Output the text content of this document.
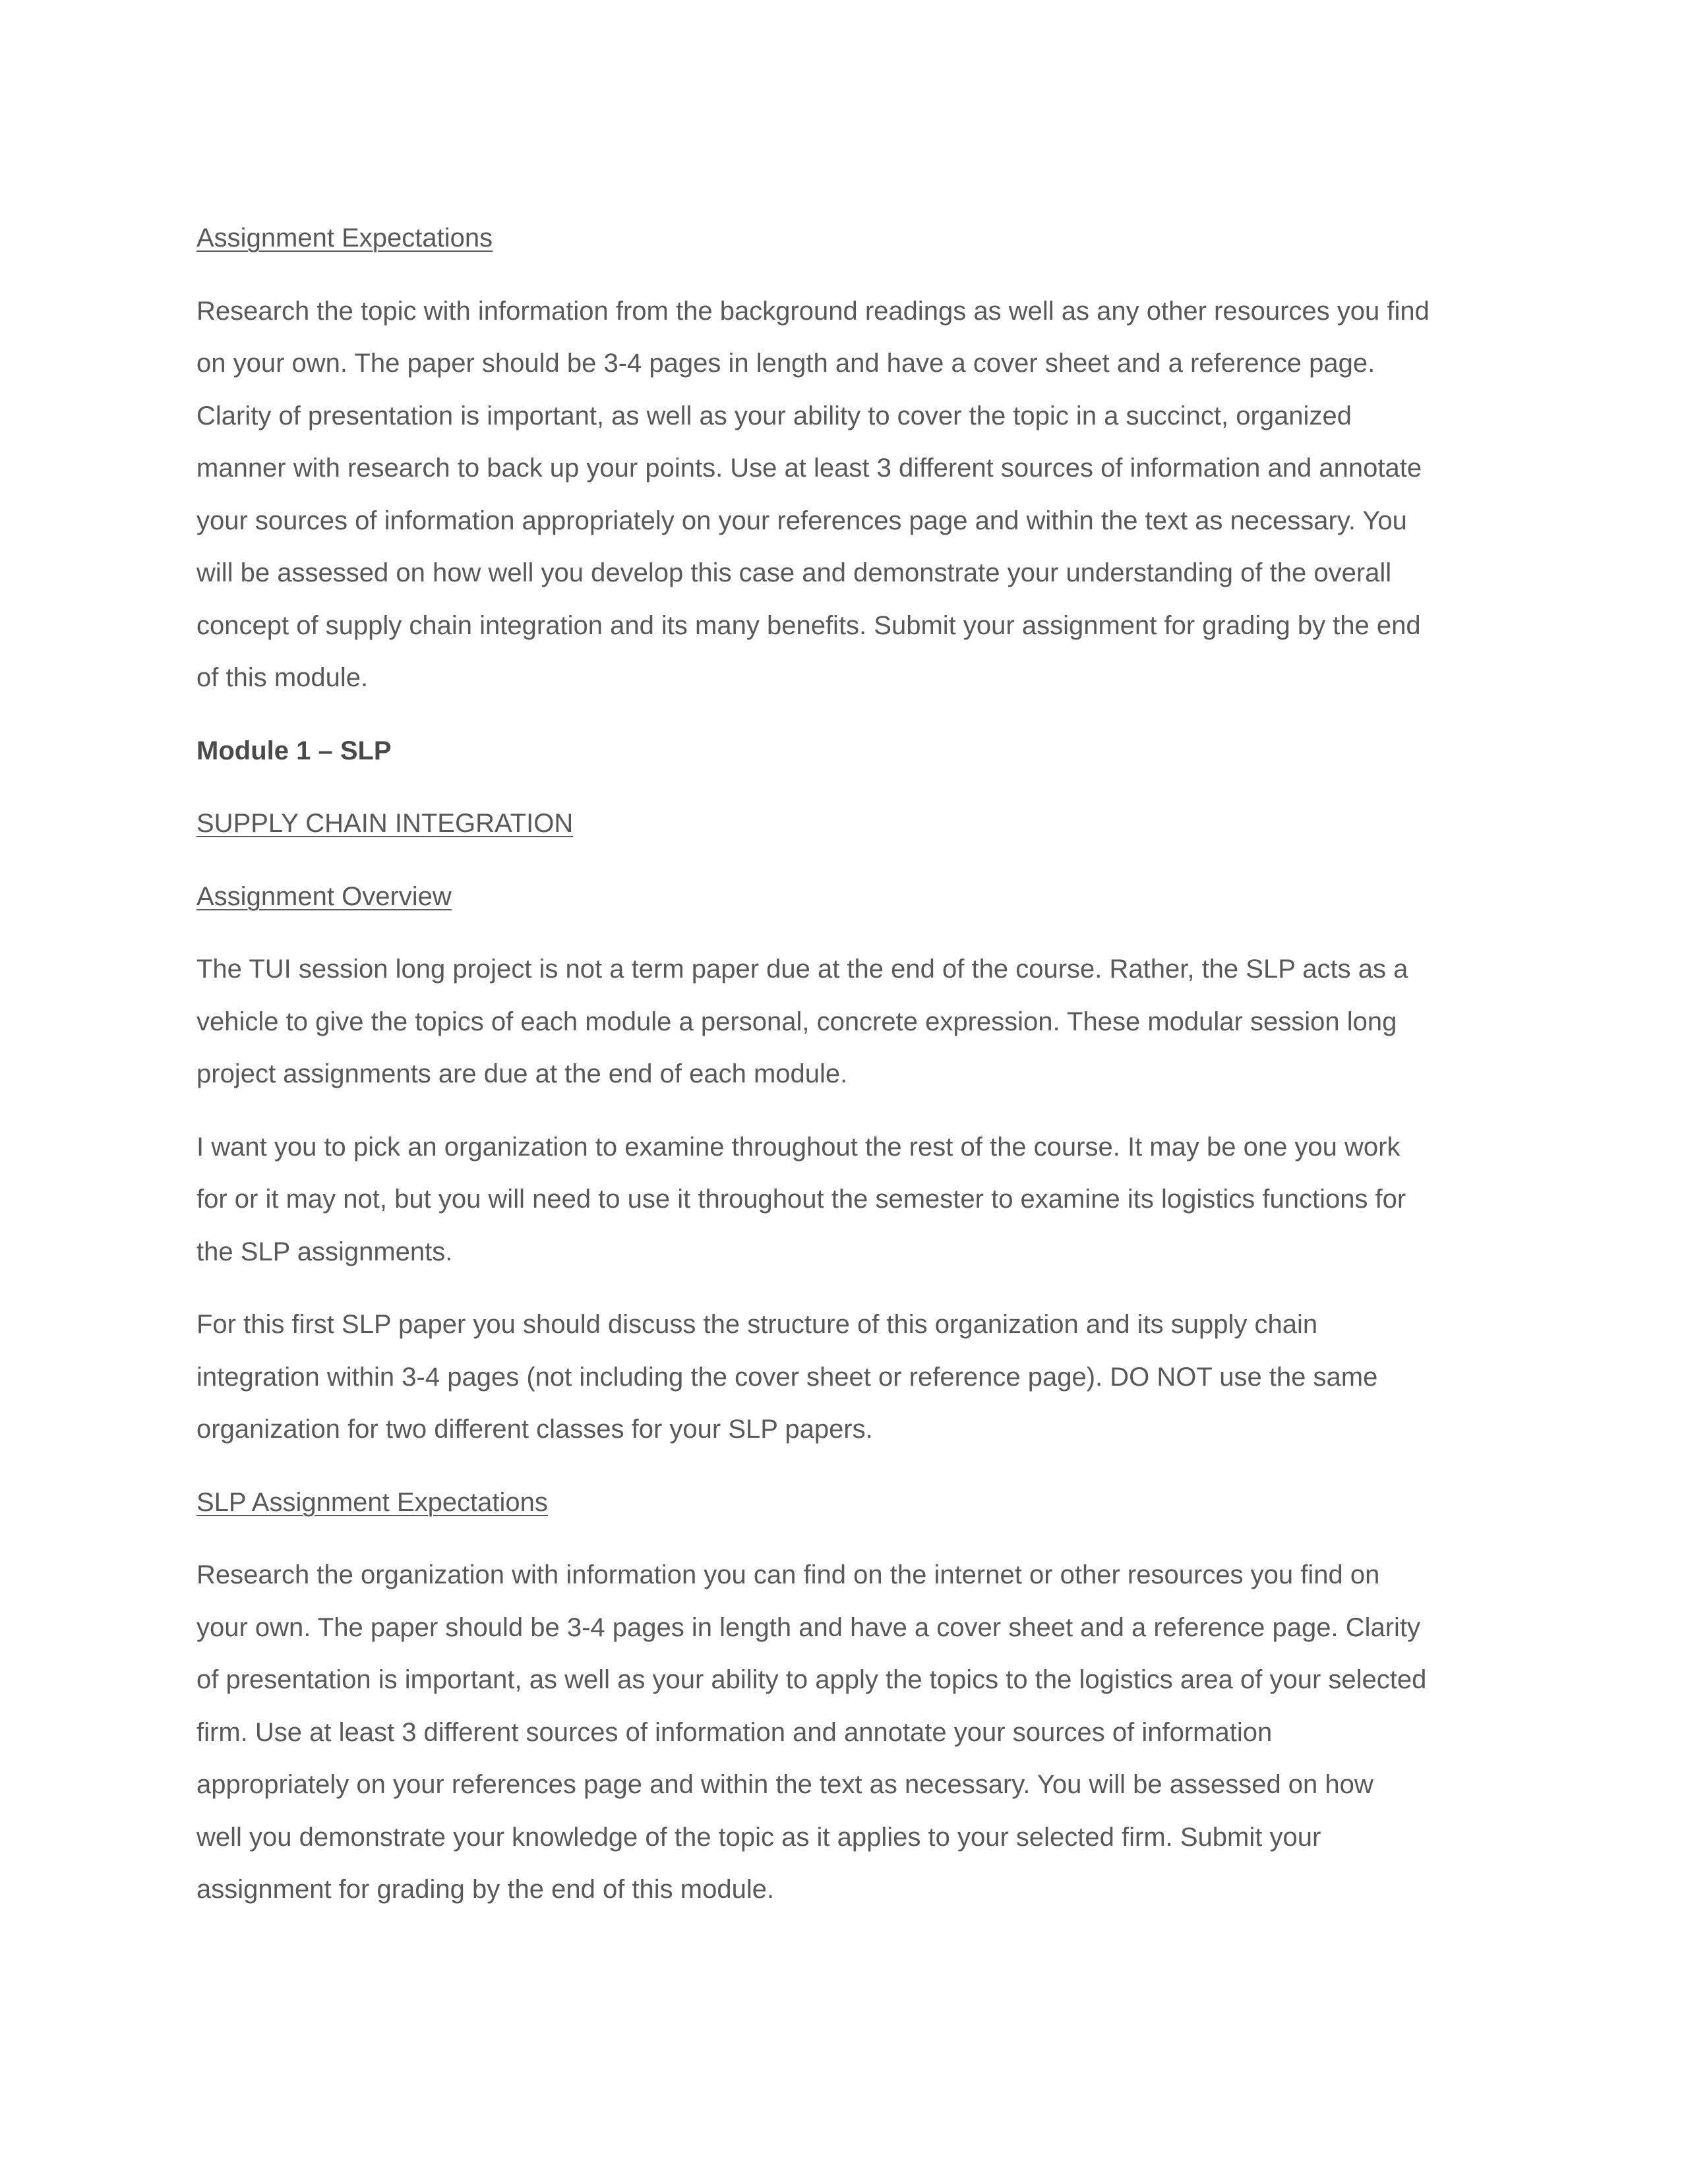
Assignment Expectations

Research the topic with information from the background readings as well as any other resources you find
on your own. The paper should be 3-4 pages in length and have a cover sheet and a reference page.
Clarity of presentation is important, as well as your ability to cover the topic in a succinct, organized
manner with research to back up your points. Use at least 3 different sources of information and annotate
your sources of information appropriately on your references page and within the text as necessary. You
will be assessed on how well you develop this case and demonstrate your understanding of the overall
concept of supply chain integration and its many benefits. Submit your assignment for grading by the end
of this module.

Module 1 – SLP

SUPPLY CHAIN INTEGRATION

Assignment Overview

The TUI session long project is not a term paper due at the end of the course. Rather, the SLP acts as a
vehicle to give the topics of each module a personal, concrete expression. These modular session long
project assignments are due at the end of each module.

I want you to pick an organization to examine throughout the rest of the course. It may be one you work
for or it may not, but you will need to use it throughout the semester to examine its logistics functions for
the SLP assignments.

For this first SLP paper you should discuss the structure of this organization and its supply chain
integration within 3-4 pages (not including the cover sheet or reference page). DO NOT use the same
organization for two different classes for your SLP papers.

SLP Assignment Expectations

Research the organization with information you can find on the internet or other resources you find on
your own. The paper should be 3-4 pages in length and have a cover sheet and a reference page. Clarity
of presentation is important, as well as your ability to apply the topics to the logistics area of your selected
firm. Use at least 3 different sources of information and annotate your sources of information
appropriately on your references page and within the text as necessary. You will be assessed on how
well you demonstrate your knowledge of the topic as it applies to your selected firm. Submit your
assignment for grading by the end of this module.
